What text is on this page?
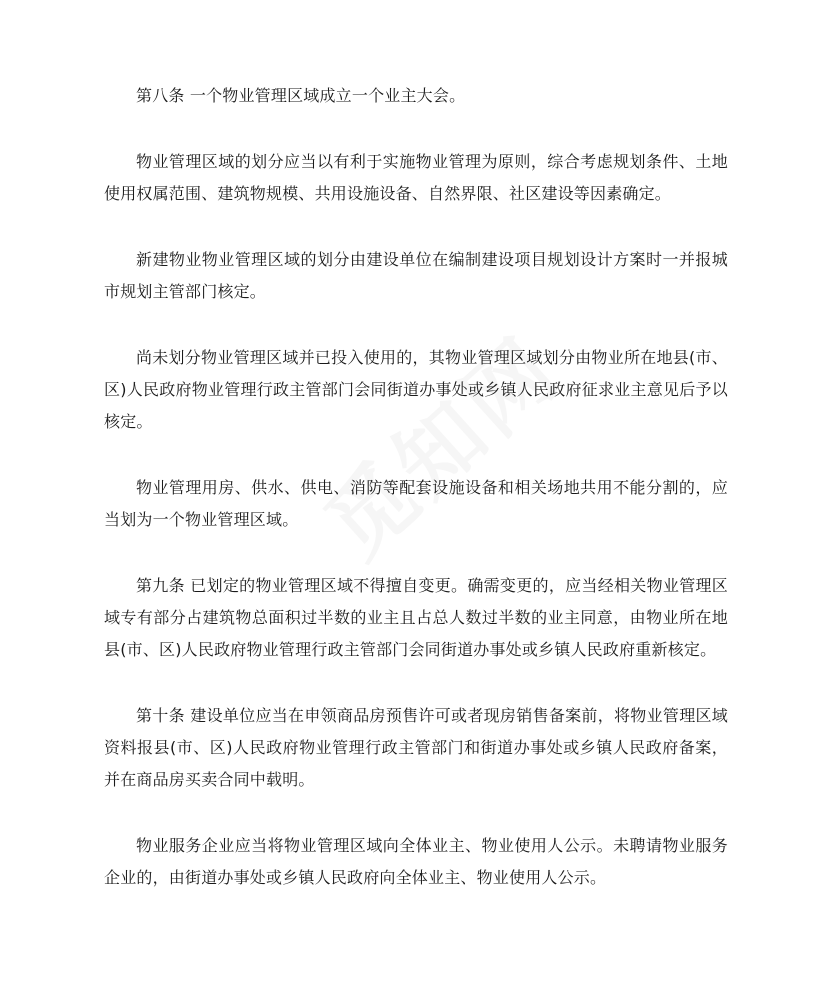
第八条 一个物业管理区域成立一个业主大会。

物业管理区域的划分应当以有利于实施物业管理为原则，综合考虑规划条件、土地使用权属范围、建筑物规模、共用设施设备、自然界限、社区建设等因素确定。

新建物业物业管理区域的划分由建设单位在编制建设项目规划设计方案时一并报城市规划主管部门核定。

尚未划分物业管理区域并已投入使用的，其物业管理区域划分由物业所在地县(市、区)人民政府物业管理行政主管部门会同街道办事处或乡镇人民政府征求业主意见后予以核定。

物业管理用房、供水、供电、消防等配套设施设备和相关场地共用不能分割的，应当划为一个物业管理区域。

第九条 已划定的物业管理区域不得擅自变更。确需变更的，应当经相关物业管理区域专有部分占建筑物总面积过半数的业主且占总人数过半数的业主同意，由物业所在地县(市、区)人民政府物业管理行政主管部门会同街道办事处或乡镇人民政府重新核定。

第十条 建设单位应当在申领商品房预售许可或者现房销售备案前，将物业管理区域资料报县(市、区)人民政府物业管理行政主管部门和街道办事处或乡镇人民政府备案，并在商品房买卖合同中载明。

物业服务企业应当将物业管理区域向全体业主、物业使用人公示。未聘请物业服务企业的，由街道办事处或乡镇人民政府向全体业主、物业使用人公示。
